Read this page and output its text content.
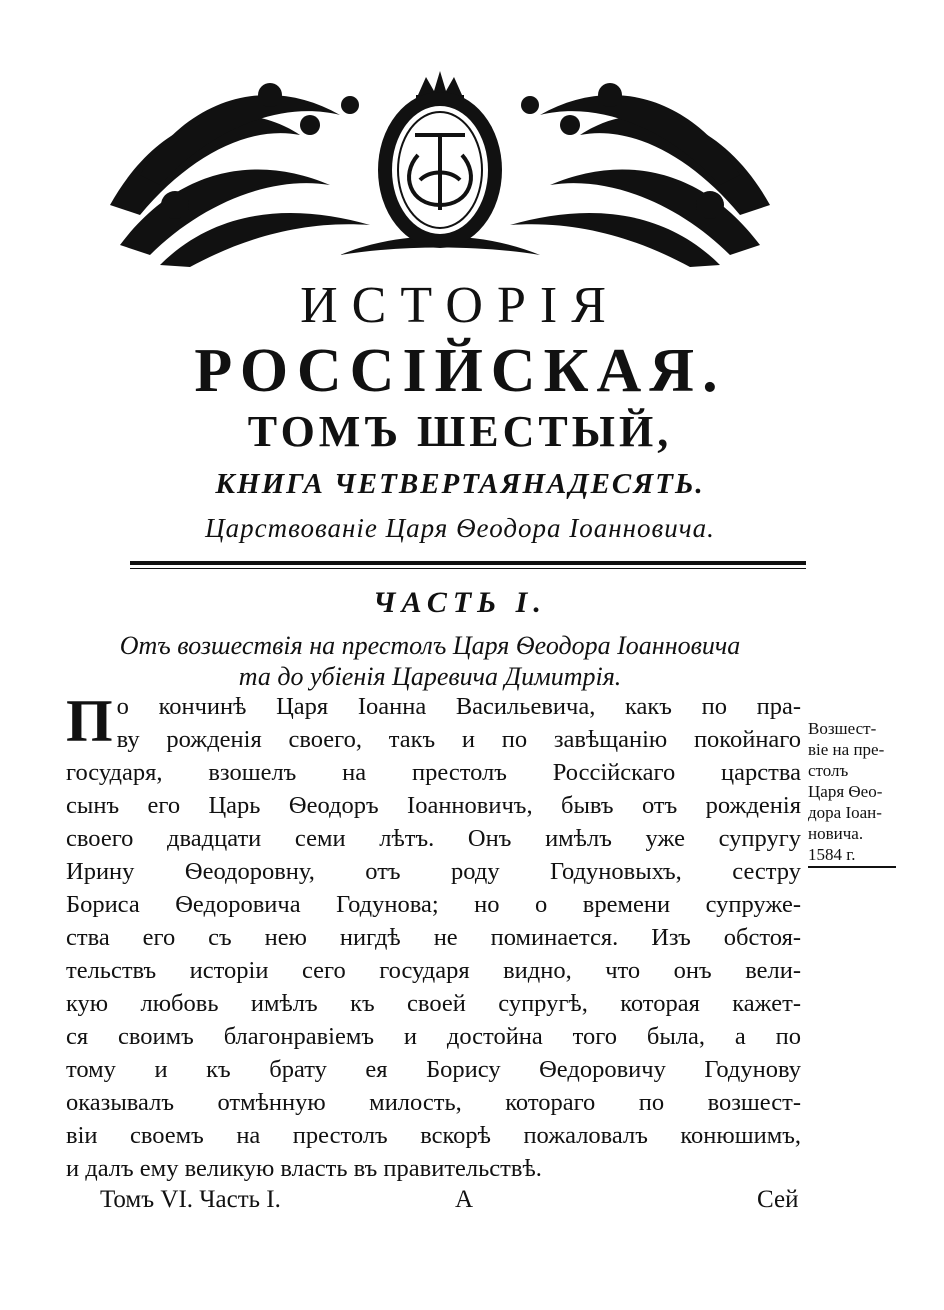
ИСТОРІЯ
РОССІЙСКАЯ.
ТОМЪ ШЕСТЫЙ,
КНИГА ЧЕТВЕРТАЯНАДЕСЯТЬ.
Царствованіе Царя Ѳеодора Іоанновича.
ЧАСТЬ I.
Отъ возшествія на престолъ Царя Ѳеодора Іоанновича
та до убіенія Царевича Димитрія.
П о кончинѣ Царя Іоанна Васильевича, какъ по пра-
ву рожденія своего, такъ и по завѣщанію покойнаго
государя, взошелъ на престолъ Россійскаго царства
сынъ его Царь Ѳеодоръ Іоанновичъ, бывъ отъ рожденія
своего двадцати семи лѣтъ. Онъ имѣлъ уже супругу
Ирину Ѳеодоровну, отъ роду Годуновыхъ, сестру
Бориса Ѳедоровича Годунова; но о времени супруже-
ства его съ нею нигдѣ не поминается. Изъ обстоя-
тельствъ исторіи сего государя видно, что онъ вели-
кую любовь имѣлъ къ своей супругѣ, которая кажет-
ся своимъ благонравіемъ и достойна того была, а по
тому и къ брату ея Борису Ѳедоровичу Годунову
оказывалъ отмѣнную милость, котораго по возшест-
віи своемъ на престолъ вскорѣ пожаловалъ конюшимъ,
и далъ ему великую власть въ правительствѣ.
Возшест-
віе на пре-
столъ
Царя Ѳео-
дора Іоан-
новича.
1584 г.
Томъ VI. Часть I.	А	Сей
